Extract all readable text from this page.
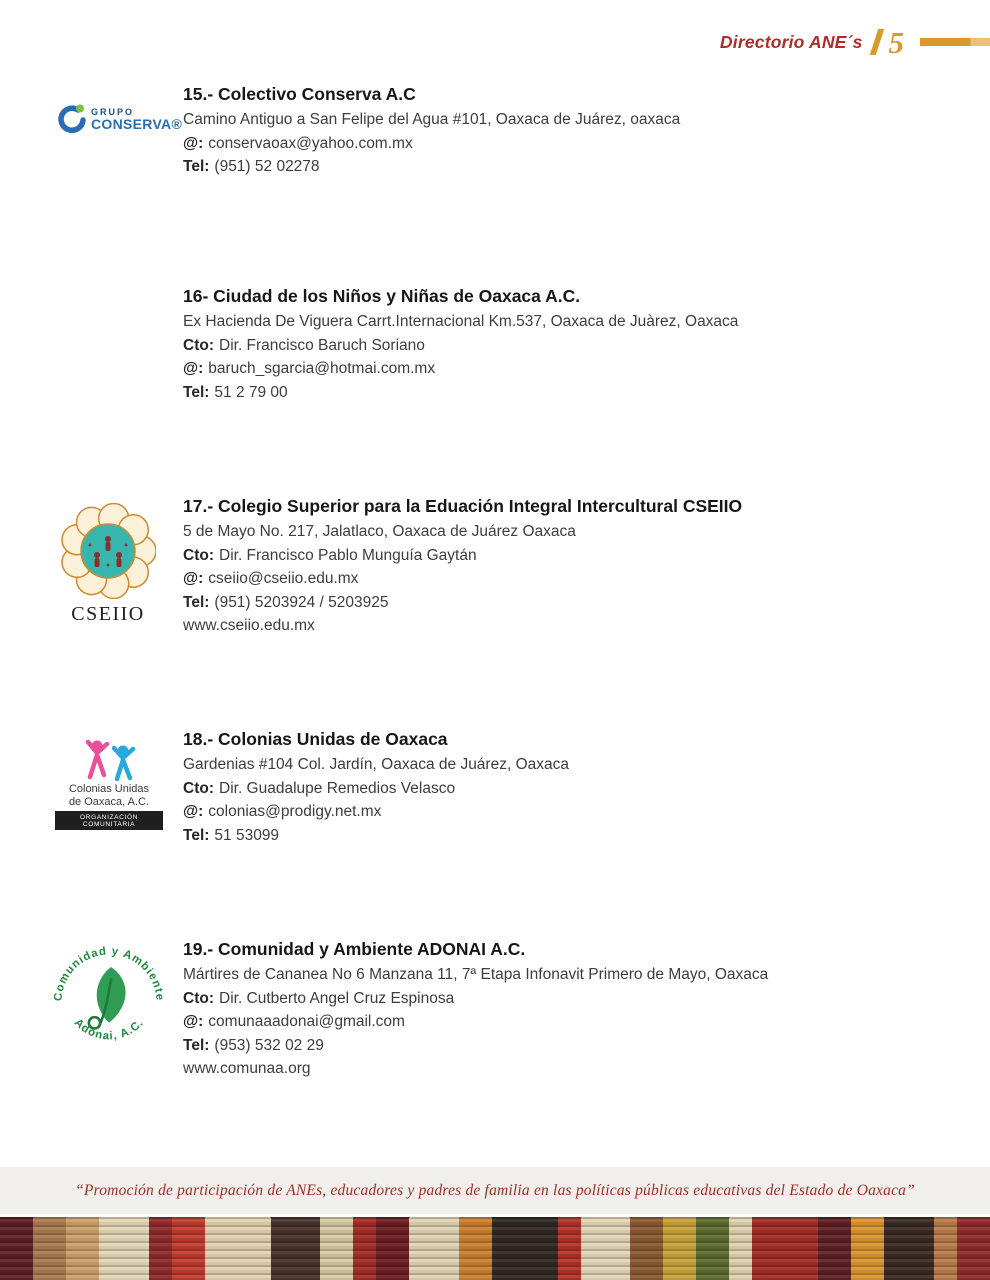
Directorio ANE´s 5
GRUPO
CONSERVA®
15.- Colectivo Conserva A.C
Camino Antiguo a San Felipe del Agua #101, Oaxaca de Juárez, oaxaca
@: conservaoax@yahoo.com.mx
Tel: (951) 52 02278
16- Ciudad de los Niños y Niñas de Oaxaca A.C.
Ex Hacienda De Viguera Carrt.Internacional Km.537, Oaxaca de Juàrez, Oaxaca
Cto: Dir. Francisco Baruch Soriano
@: baruch_sgarcia@hotmai.com.mx
Tel: 51 2 79 00
CSEIIO
17.- Colegio Superior para la Eduación Integral Intercultural CSEIIO
5 de Mayo No. 217, Jalatlaco, Oaxaca de Juárez Oaxaca
Cto: Dir. Francisco Pablo Munguía Gaytán
@: cseiio@cseiio.edu.mx
Tel: (951) 5203924 / 5203925
www.cseiio.edu.mx
Colonias Unidas
de Oaxaca, A.C.
ORGANIZACIÓN COMUNITARIA
18.- Colonias Unidas de Oaxaca
Gardenias #104 Col. Jardín, Oaxaca de Juárez, Oaxaca
Cto: Dir. Guadalupe Remedios Velasco
@: colonias@prodigy.net.mx
Tel: 51 53099
Comunidad y Ambiente
Adonai, A.C.
19.- Comunidad y Ambiente ADONAI A.C.
Mártires de Cananea No 6 Manzana 11, 7ª Etapa Infonavit Primero de Mayo, Oaxaca
Cto: Dir. Cutberto Angel Cruz Espinosa
@: comunaaadonai@gmail.com
Tel: (953) 532 02 29
www.comunaa.org
“Promoción de participación de ANEs, educadores y padres de familia en las políticas públicas educativas del Estado de Oaxaca”
